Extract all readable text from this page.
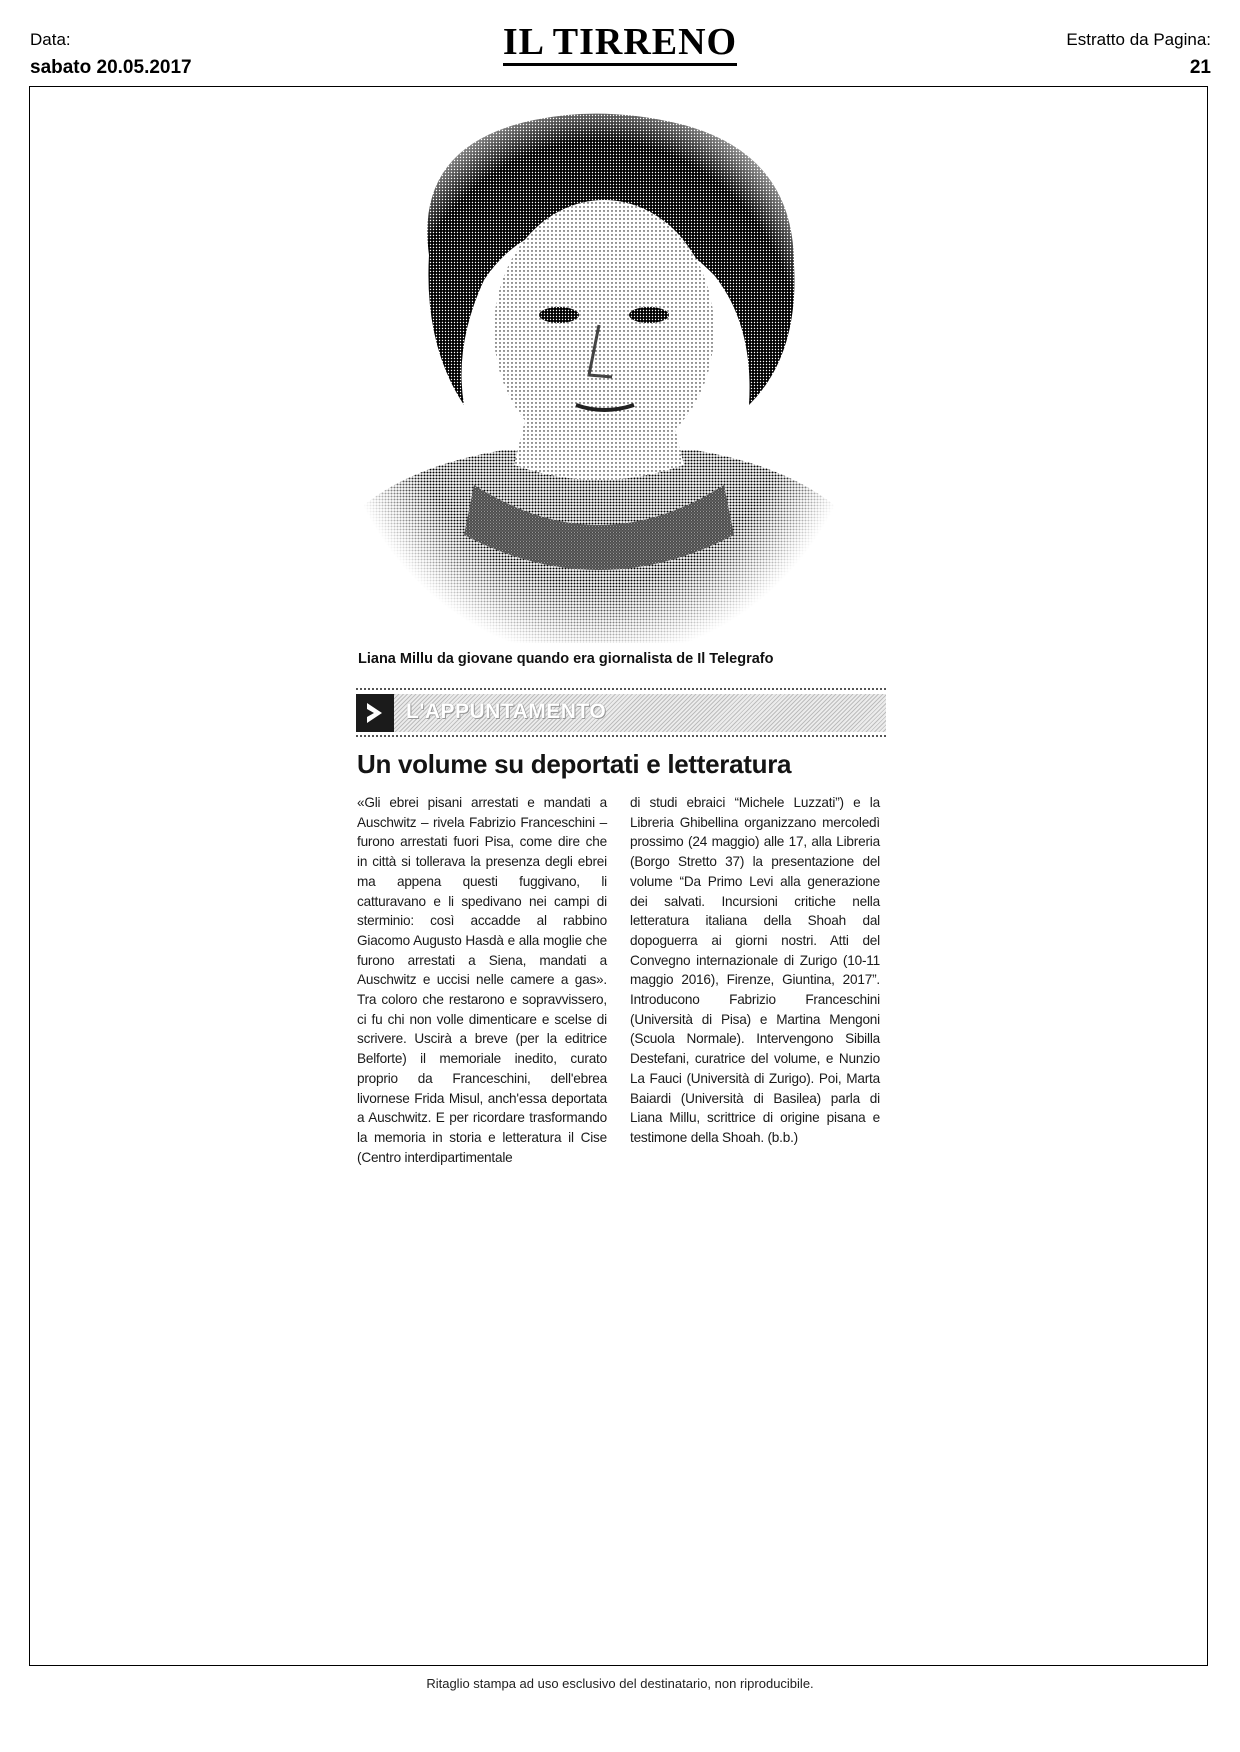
Data:
sabato 20.05.2017
IL TIRRENO	Estratto da Pagina:
21
Liana Millu da giovane quando era giornalista de Il Telegrafo
L'APPUNTAMENTO
Un volume su deportati e letteratura

«Gli ebrei pisani arrestati e mandati a Auschwitz – rivela Fabrizio Franceschini – furono arrestati fuori Pisa, come dire che in città si tollerava la presenza degli ebrei ma appena questi fuggivano, li catturavano e li spedivano nei campi di sterminio: così accadde al rabbino Giacomo Augusto Hasdà e alla moglie che furono arrestati a Siena, mandati a Auschwitz e uccisi nelle camere a gas». Tra coloro che restarono e sopravvissero, ci fu chi non volle dimenticare e scelse di scrivere. Uscirà a breve (per la editrice Belforte) il memoriale inedito, curato proprio da Franceschini, dell'ebrea livornese Frida Misul, anch'essa deportata a Auschwitz. E per ricordare trasformando la memoria in storia e letteratura il Cise (Centro interdipartimentale

di studi ebraici “Michele Luzzati”) e la Libreria Ghibellina organizzano mercoledì prossimo (24 maggio) alle 17, alla Libreria (Borgo Stretto 37) la presentazione del volume “Da Primo Levi alla generazione dei salvati. Incursioni critiche nella letteratura italiana della Shoah dal dopoguerra ai giorni nostri. Atti del Convegno internazionale di Zurigo (10-11 maggio 2016), Firenze, Giuntina, 2017”. Introducono Fabrizio Franceschini (Università di Pisa) e Martina Mengoni (Scuola Normale). Intervengono Sibilla Destefani, curatrice del volume, e Nunzio La Fauci (Università di Zurigo). Poi, Marta Baiardi (Università di Basilea) parla di Liana Millu, scrittrice di origine pisana e testimone della Shoah. (b.b.)

Ritaglio stampa ad uso esclusivo del destinatario, non riproducibile.
